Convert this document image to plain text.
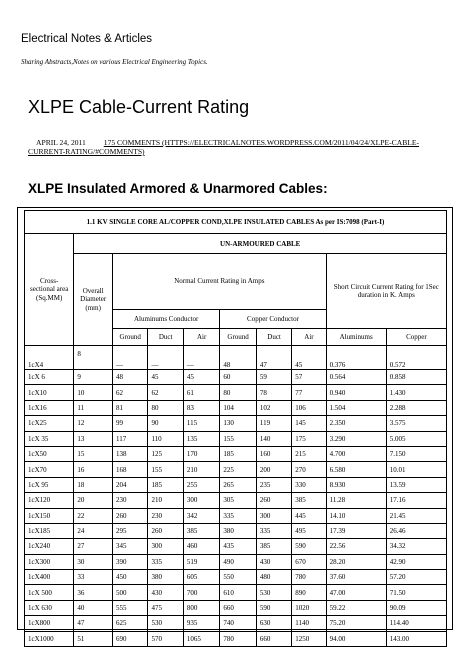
Electrical Notes & Articles
Sharing Abstracts,Notes on various Electrical Engineering Topics.
XLPE Cable-Current Rating
APRIL 24, 2011 175 COMMENTS (HTTPS://ELECTRICALNOTES.WORDPRESS.COM/2011/04/24/XLPE-CABLE-CURRENT-RATING/#COMMENTS)
XLPE Insulated Armored & Unarmored Cables:
1.1 KV SINGLE CORE AL/COPPER COND,XLPE INSULATED CABLES As per IS:7098 (Part-I)									
Cross-sectional area (Sq.MM)	UN-ARMOURED CABLE								
	Overall Diameter (mm)	Normal Current Rating in Amps						Short Circuit Current Rating for 1Sec duration in K. Amps	
		Aluminums Conductor			Copper Conductor				
		Ground	Duct	Air	Ground	Duct	Air	Aluminums	Copper
1cX4	8	—	—	—	48	47	45	0.376	0.572
1cX 6	9	48	45	45	60	59	57	0.564	0.858
1cX10	10	62	62	61	80	78	77	0.940	1.430
1cX16	11	81	80	83	104	102	106	1.504	2.288
1cX25	12	99	90	115	130	119	145	2.350	3.575
1cX 35	13	117	110	135	155	140	175	3.290	5.005
1cX50	15	138	125	170	185	160	215	4.700	7.150
1cX70	16	168	155	210	225	200	270	6.580	10.01
1cX 95	18	204	185	255	265	235	330	8.930	13.59
1cX120	20	230	210	300	305	260	385	11.28	17.16
1cX150	22	260	230	342	335	300	445	14.10	21.45
1cX185	24	295	260	385	380	335	495	17.39	26.46
1cX240	27	345	300	460	435	385	590	22.56	34.32
1cX300	30	390	335	519	490	430	670	28.20	42.90
1cX400	33	450	380	605	550	480	780	37.60	57.20
1cX 500	36	500	430	700	610	530	890	47.00	71.50
1cX 630	40	555	475	800	660	590	1020	59.22	90.09
1cX800	47	625	530	935	740	630	1140	75.20	114.40
1cX1000	51	690	570	1065	780	660	1250	94.00	143.00
